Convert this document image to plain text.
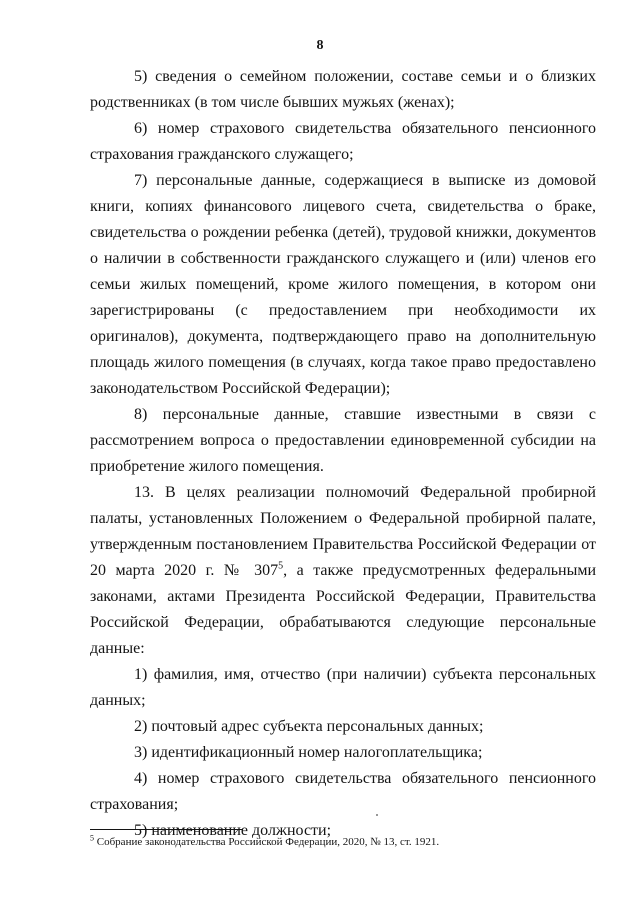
8

5) сведения о семейном положении, составе семьи и о близких родственниках (в том числе бывших мужьях (женах);

6) номер страхового свидетельства обязательного пенсионного страхования гражданского служащего;

7) персональные данные, содержащиеся в выписке из домовой книги, копиях финансового лицевого счета, свидетельства о браке, свидетельства о рождении ребенка (детей), трудовой книжки, документов о наличии в собственности гражданского служащего и (или) членов его семьи жилых помещений, кроме жилого помещения, в котором они зарегистрированы (с предоставлением при необходимости их оригиналов), документа, подтверждающего право на дополнительную площадь жилого помещения (в случаях, когда такое право предоставлено законодательством Российской Федерации);

8) персональные данные, ставшие известными в связи с рассмотрением вопроса о предоставлении единовременной субсидии на приобретение жилого помещения.

13. В целях реализации полномочий Федеральной пробирной палаты, установленных Положением о Федеральной пробирной палате, утвержденным постановлением Правительства Российской Федерации от 20 марта 2020 г. № $307^5$, а также предусмотренных федеральными законами, актами Президента Российской Федерации, Правительства Российской Федерации, обрабатываются следующие персональные данные:

1) фамилия, имя, отчество (при наличии) субъекта персональных данных;

2) почтовый адрес субъекта персональных данных;

3) идентификационный номер налогоплательщика;

4) номер страхового свидетельства обязательного пенсионного страхования;

5) наименование должности;

$^5$ Собрание законодательства Российской Федерации, 2020, № 13, ст. 1921.
